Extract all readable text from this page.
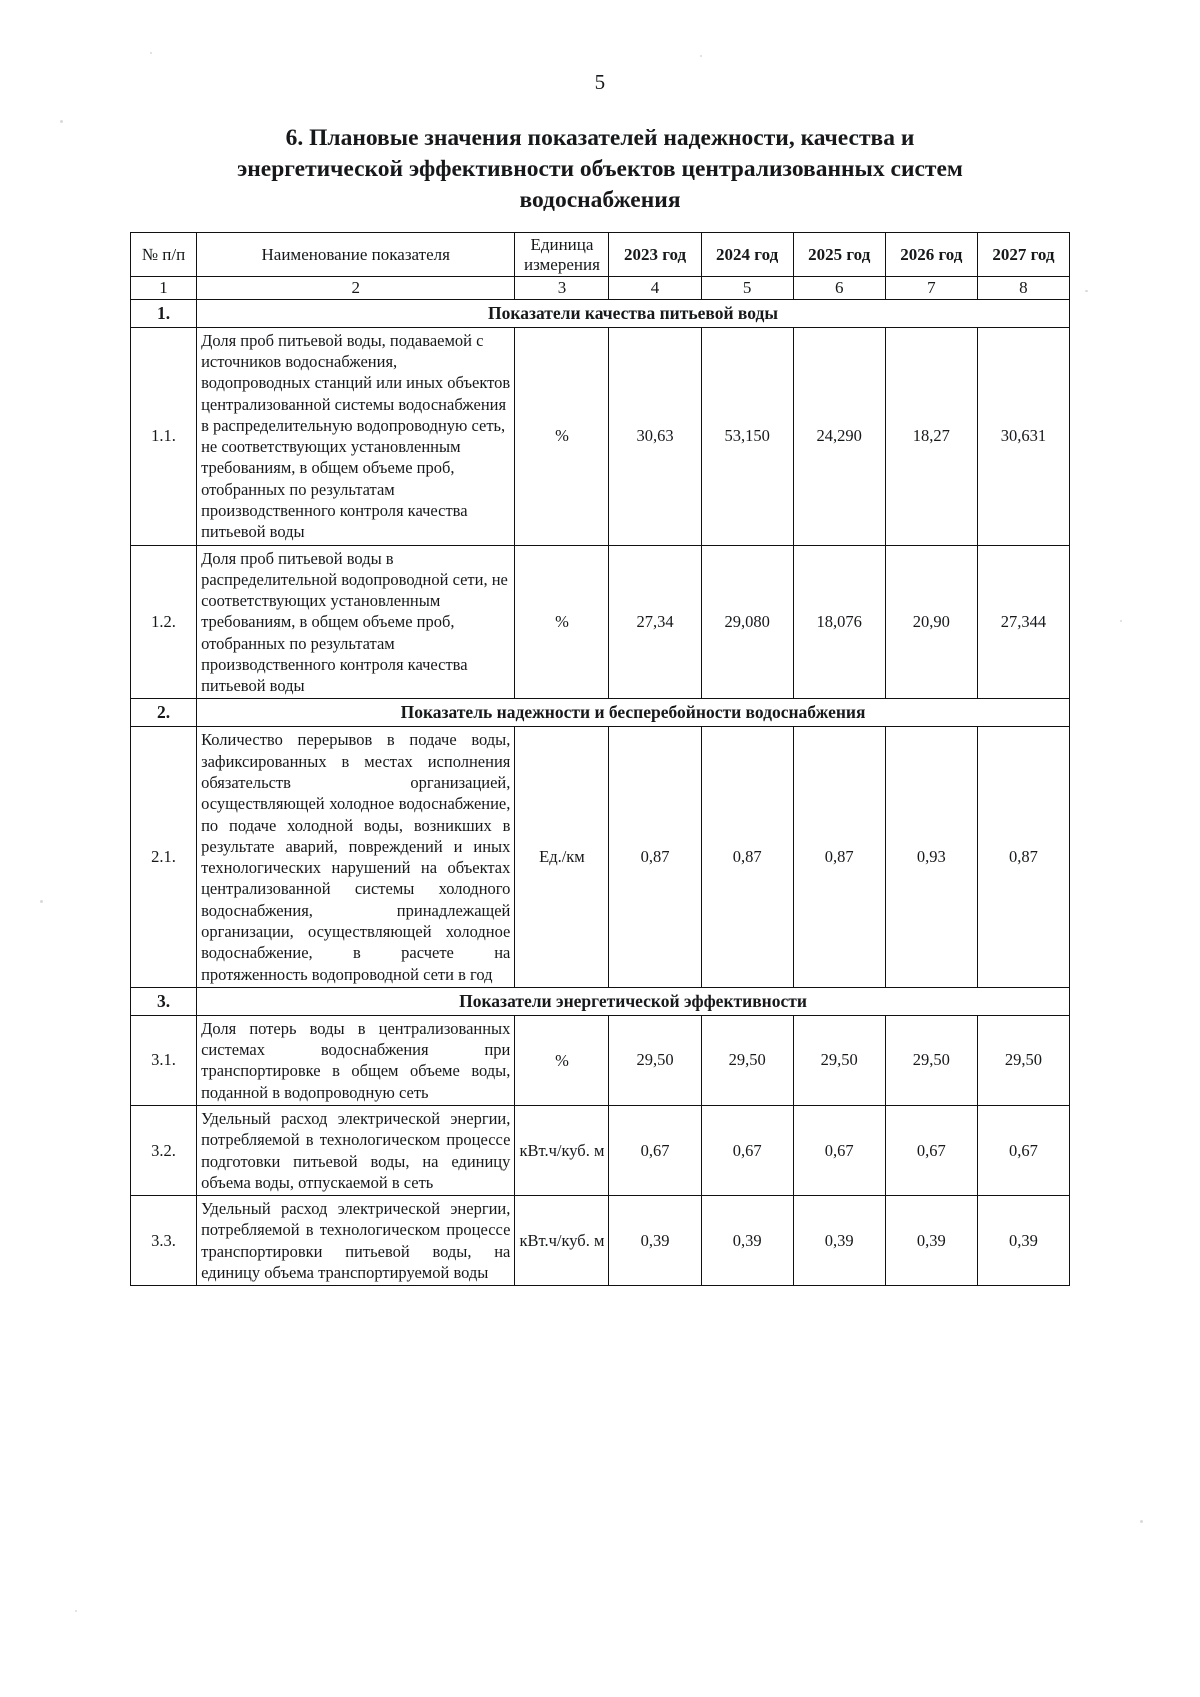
5
6. Плановые значения показателей надежности, качества и энергетической эффективности объектов централизованных систем водоснабжения
№ п/п	Наименование показателя	Единица измерения	2023 год	2024 год	2025 год	2026 год	2027 год
1	2	3	4	5	6	7	8
1.	Показатели качества питьевой воды						
1.1.	Доля проб питьевой воды, подаваемой с источников водоснабжения, водопроводных станций или иных объектов централизованной системы водоснабжения в распределительную водопроводную сеть, не соответствующих установленным требованиям, в общем объеме проб, отобранных по результатам производственного контроля качества питьевой воды	%	30,63	53,150	24,290	18,27	30,631
1.2.	Доля проб питьевой воды в распределительной водопроводной сети, не соответствующих установленным требованиям, в общем объеме проб, отобранных по результатам производственного контроля качества питьевой воды	%	27,34	29,080	18,076	20,90	27,344
2.	Показатель надежности и бесперебойности водоснабжения						
2.1.	Количество перерывов в подаче воды, зафиксированных в местах исполнения обязательств организацией, осуществляющей холодное водоснабжение, по подаче холодной воды, возникших в результате аварий, повреждений и иных технологических нарушений на объектах централизованной системы холодного водоснабжения, принадлежащей организации, осуществляющей холодное водоснабжение, в расчете на протяженность водопроводной сети в год	Ед./км	0,87	0,87	0,87	0,93	0,87
3.	Показатели энергетической эффективности						
3.1.	Доля потерь воды в централизованных системах водоснабжения при транспортировке в общем объеме воды, поданной в водопроводную сеть	%	29,50	29,50	29,50	29,50	29,50
3.2.	Удельный расход электрической энергии, потребляемой в технологическом процессе подготовки питьевой воды, на единицу объема воды, отпускаемой в сеть	кВт.ч/куб. м	0,67	0,67	0,67	0,67	0,67
3.3.	Удельный расход электрической энергии, потребляемой в технологическом процессе транспортировки питьевой воды, на единицу объема транспортируемой воды	кВт.ч/куб. м	0,39	0,39	0,39	0,39	0,39
